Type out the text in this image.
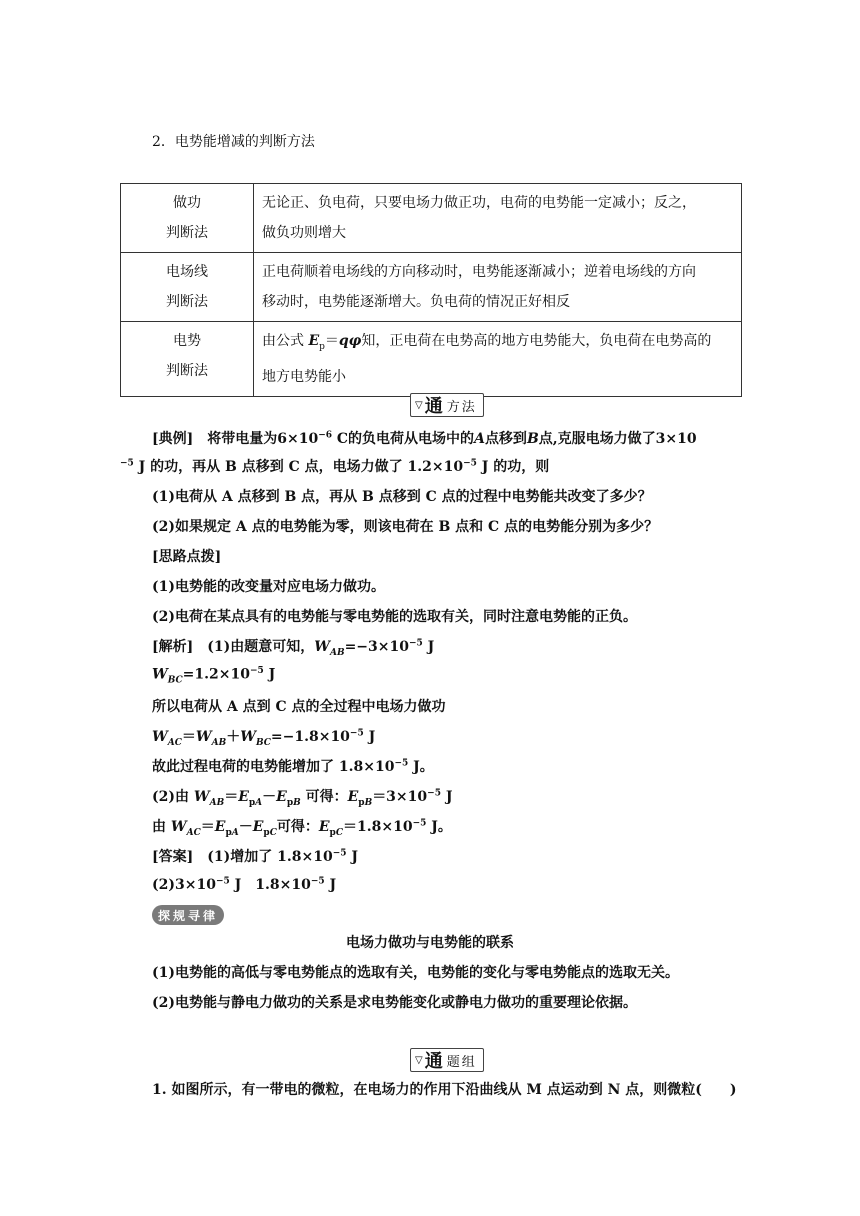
2．电势能增减的判断方法
做功
判断法	无论正、负电荷，只要电场力做正功，电荷的电势能一定减小；反之，
做负功则增大
电场线
判断法	正电荷顺着电场线的方向移动时，电势能逐渐减小；逆着电场线的方向
移动时，电势能逐渐增大。负电荷的情况正好相反
电势
判断法	由公式 $E_p=q\varphi$知，正电荷在电势高的地方电势能大，负电荷在电势高的
地方电势能小
▽ 通 方法
[典例]　 将带电量为$6\times 10^{-6}$ C的负电荷从电场中的A点移到B点,克服电场力做了3×10
$^{-5}$ J 的功，再从 B 点移到 C 点，电场力做了 $1.2\times 10^{-5}$ J 的功，则
(1)电荷从 A 点移到 B 点，再从 B 点移到 C 点的过程中电势能共改变了多少？
(2)如果规定 A 点的电势能为零，则该电荷在 B 点和 C 点的电势能分别为多少？
[思路点拨]
(1)电势能的改变量对应电场力做功。
(2)电荷在某点具有的电势能与零电势能的选取有关，同时注意电势能的正负。
[解析]　 (1)由题意可知，$W_{AB}=-3\times 10^{-5}$ J
$W_{BC}=1.2\times 10^{-5}$ J
所以电荷从 A 点到 C 点的全过程中电场力做功
$W_{AC}=W_{AB}+W_{BC}=-1.8\times 10^{-5}$ J
故此过程电荷的电势能增加了 $1.8\times 10^{-5}$ J。
(2)由 $W_{AB}=E_{pA}-E_{pB}$ 可得：$E_{pB}=3\times 10^{-5}$ J
由 $W_{AC}=E_{pA}-E_{pC}$可得：$E_{pC}=1.8\times 10^{-5}$ J。
[答案]　 (1)增加了 $1.8\times 10^{-5}$ J
$(2)3\times 10^{-5}$ J　$1.8\times 10^{-5}$ J
探规寻律
电场力做功与电势能的联系
(1)电势能的高低与零电势能点的选取有关，电势能的变化与零电势能点的选取无关。
(2)电势能与静电力做功的关系是求电势能变化或静电力做功的重要理论依据。
▽ 通 题组
1. 如图所示，有一带电的微粒，在电场力的作用下沿曲线从 M 点运动到 N 点，则微粒(　　)
